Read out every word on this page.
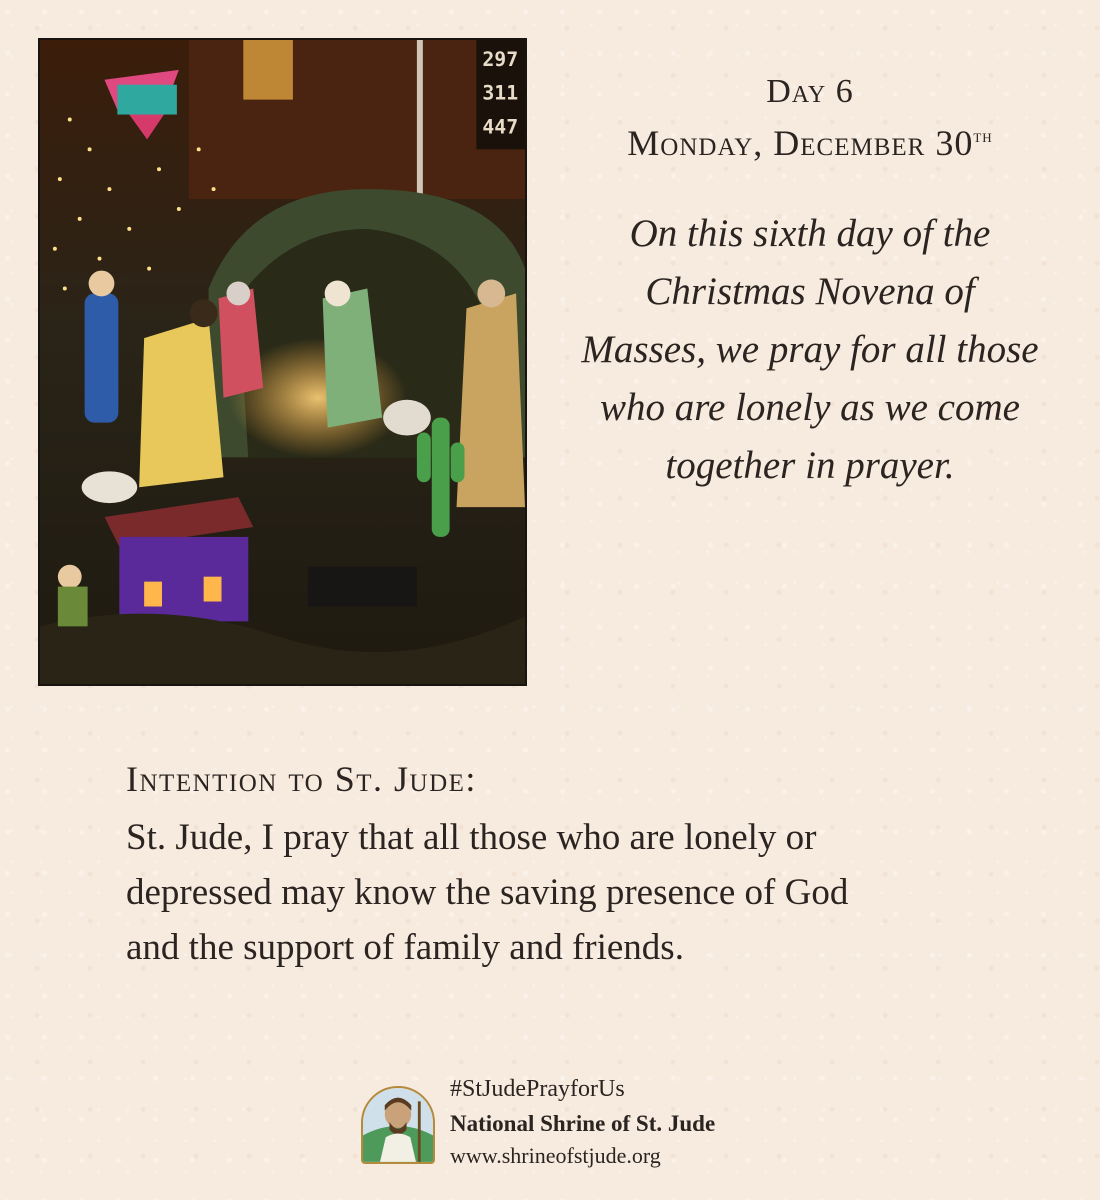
297
311
447
Day 6
Monday, December 30th
On this sixth day of the
Christmas Novena of
Masses, we pray for all those
who are lonely as we come
together in prayer.
Intention to St. Jude:
St. Jude, I pray that all those who are lonely or
depressed may know the saving presence of God
and the support of family and friends.
#StJudePrayforUs
National Shrine of St. Jude
www.shrineofstjude.org
